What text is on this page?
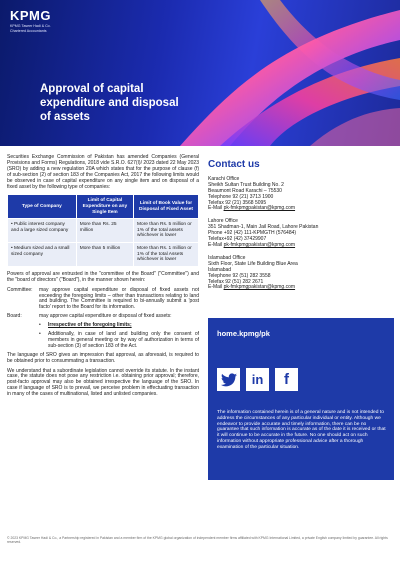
KPMG
KPMG Taseer Hadi & Co.
Chartered Accountants
Approval of capital
expenditure and disposal
of assets

Securities Exchange Commission of Pakistan has amended Companies (General Provisions and Forms) Regulations, 2018 vide S.R.O. 627(I)/ 2023 dated 22 May 2023 (SRO) by adding a new regulation 20A which states that for the purpose of clause (f) of sub-section (2) of section 183 of the Companies Act, 2017 the following limits would be observed in case of capital expenditure on any single item and on disposal of a fixed asset by the following type of companies:

Type of Company	Limit of Capital Expenditure on any Single Item	Limit of Book Value for Disposal of Fixed Asset
• Public interest company and a large sized company	More than Rs. 25 million	More than Rs. 5 million or 1% of the total assets whichever is lower
• Medium sized and a small sized company	More than 5 million	More than Rs. 1 million or 1% of the total Assets whichever is lower

Powers of approval are entrusted in the "committee of the Board" ("Committee") and the "board of directors" ("Board"), in the manner shown herein:

Committee:	may approve capital expenditure or disposal of fixed assets not exceeding the foregoing limits – other than transactions relating to land and building. The Committee is required to bi-annually submit a 'post facto' report to the Board for its information.
Board:	may approve capital expenditure or disposal of fixed assets:
•	Irrespective of the foregoing limits;
•	Additionally, in case of land and building only the consent of members in general meeting or by way of authorization in terms of sub-section (3) of section 183 of the Act.

The language of SRO gives an impression that approval, as aforesaid, is required to be obtained prior to consummating a transaction.

We understand that a subordinate legislation cannot override its statute. In the instant case, the statute does not pose any restriction i.e. obtaining prior approval; therefore, post-facto approval may also be obtained irrespective the language of the SRO. In case if language of SRO is to prevail, we perceive problem in effectuating transaction in many of the cases of multinational, listed and unlisted companies.

Contact us
Karachi Office
Sheikh Sultan Trust Building No. 2
Beaumont Road Karachi – 75530
Telephone 92 (21) 3713 1900
Telefax 92 (21) 3568 5095
E-Mail pk-fmkpmgpakistan@kpmg.com
Lahore Office
351 Shadman-1, Main Jail Road, Lahore Pakistan
Phone +92 (42) 111-KPMGTH (576484)
Telefax+92 (42) 37429907
E-Mail pk-fmkpmgpakistan@kpmg.com
Islamabad Office
Sixth Floor, State Life Building Blue Area
Islamabad
Telephone 92 (51) 282 3558
Telefax 92 (51) 282 2671
E-Mail pk-fmkpmgpakistan@kpmg.com
home.kpmg/pk
in	f
The information contained herein is of a general nature and is not intended to address the circumstances of any particular individual or entity. Although we endeavor to provide accurate and timely information, there can be no guarantee that such information is accurate as of the date it is received or that it will continue to be accurate in the future. No one should act on such information without appropriate professional advice after a thorough examination of the particular situation.
© 2023 KPMG Taseer Hadi & Co., a Partnership registered in Pakistan and a member firm of the KPMG global organization of independent member firms affiliated with KPMG International Limited, a private English company limited by guarantee. All rights reserved.
